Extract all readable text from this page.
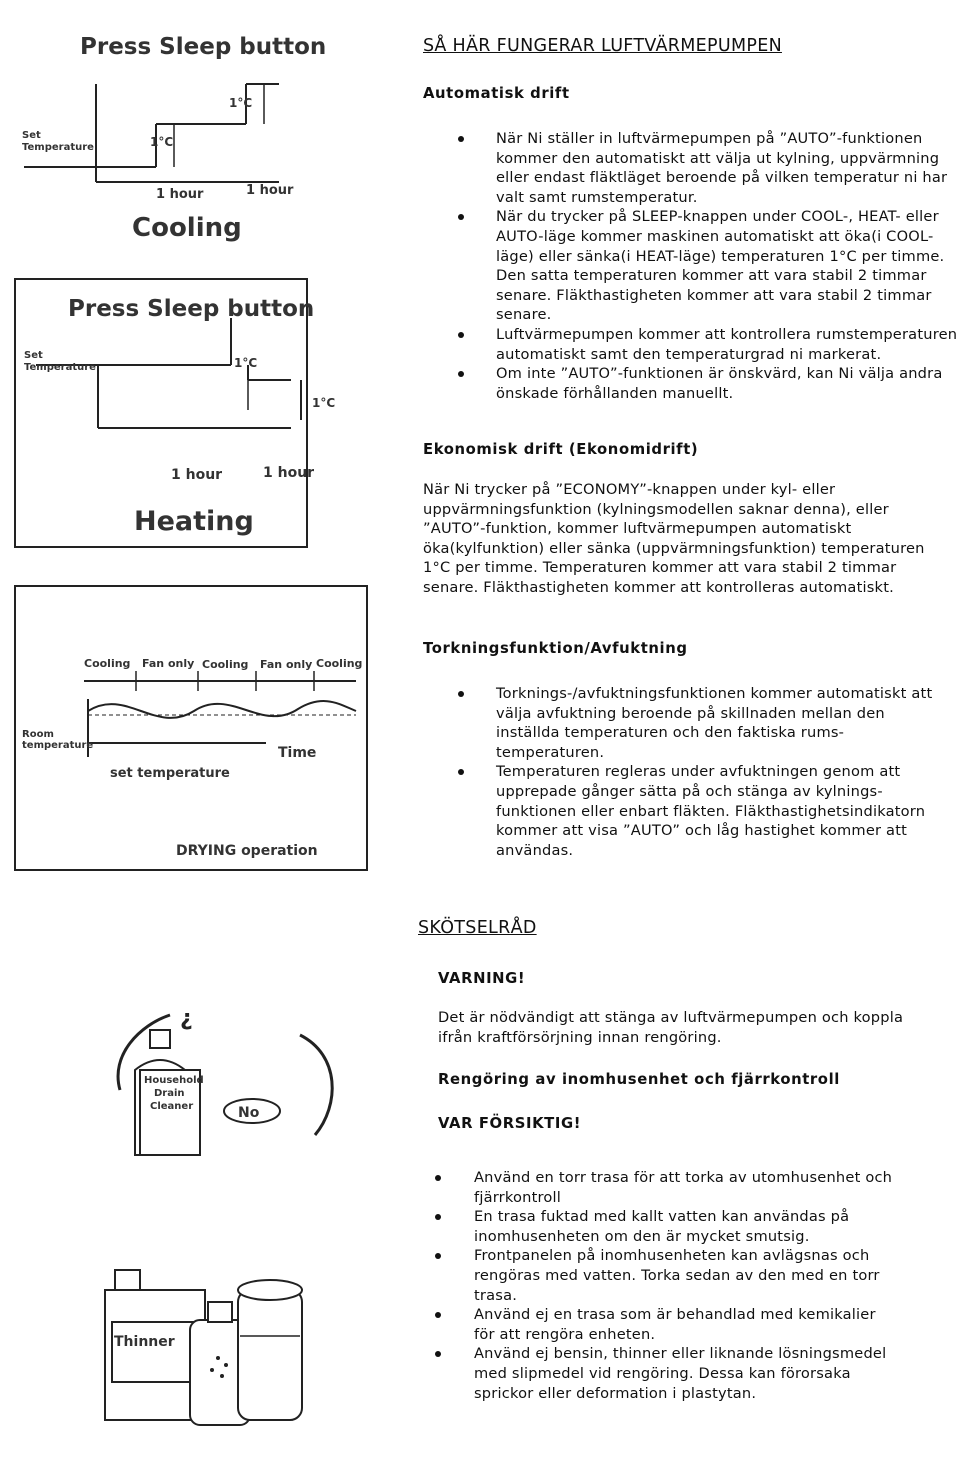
Press Sleep button
Set
Temperature	1°C
1°C
1 hour	1 hour
Cooling
Press Sleep button
Set
Temperature	1°C
1°C
1 hour	1 hour
Heating
Cooling Fan only Cooling Fan only Cooling
Room
temperature	Time
set temperature
DRYING operation
¿
Household
Drain
Cleaner	No
Thinner
SÅ HÄR FUNGERAR LUFTVÄRMEPUMPEN
Automatisk drift
När Ni ställer in luftvärmepumpen på ”AUTO”-funktionen kommer den automatiskt att välja ut kylning, uppvärmning eller endast fläktläget beroende på vilken temperatur ni har valt samt rumstemperatur.
När du trycker på SLEEP-knappen under COOL-, HEAT- eller AUTO-läge kommer maskinen automatiskt att öka(i COOL-läge) eller sänka(i HEAT-läge) temperaturen 1°C per timme. Den satta temperaturen kommer att vara stabil 2 timmar senare. Fläkthastigheten kommer att vara stabil 2 timmar senare.
Luftvärmepumpen kommer att kontrollera rumstemperaturen automatiskt samt den temperaturgrad ni markerat.
Om inte ”AUTO”-funktionen är önskvärd, kan Ni välja andra önskade förhållanden manuellt.
Ekonomisk drift (Ekonomidrift)
När Ni trycker på ”ECONOMY”-knappen under kyl- eller uppvärmningsfunktion (kylningsmodellen saknar denna), eller ”AUTO”-funktion, kommer luftvärmepumpen automatiskt öka(kylfunktion) eller sänka (uppvärmningsfunktion) temperaturen 1°C per timme. Temperaturen kommer att vara stabil 2 timmar senare. Fläkthastigheten kommer att kontrolleras automatiskt.
Torkningsfunktion/Avfuktning
Torknings-/avfuktningsfunktionen kommer automatiskt att välja avfuktning beroende på skillnaden mellan den inställda temperaturen och den faktiska rums-temperaturen.
Temperaturen regleras under avfuktningen genom att upprepade gånger sätta på och stänga av kylnings-funktionen eller enbart fläkten. Fläkthastighetsindikatorn kommer att visa ”AUTO” och låg hastighet kommer att användas.
SKÖTSELRÅD
VARNING!
Det är nödvändigt att stänga av luftvärmepumpen och koppla ifrån kraftförsörjning innan rengöring.
Rengöring av inomhusenhet och fjärrkontroll
VAR FÖRSIKTIG!
Använd en torr trasa för att torka av utomhusenhet och fjärrkontroll
En trasa fuktad med kallt vatten kan användas på inomhusenheten om den är mycket smutsig.
Frontpanelen på inomhusenheten kan avlägsnas och rengöras med vatten. Torka sedan av den med en torr trasa.
Använd ej en trasa som är behandlad med kemikalier för att rengöra enheten.
Använd ej bensin, thinner eller liknande lösningsmedel med slipmedel vid rengöring. Dessa kan förorsaka sprickor eller deformation i plastytan.
